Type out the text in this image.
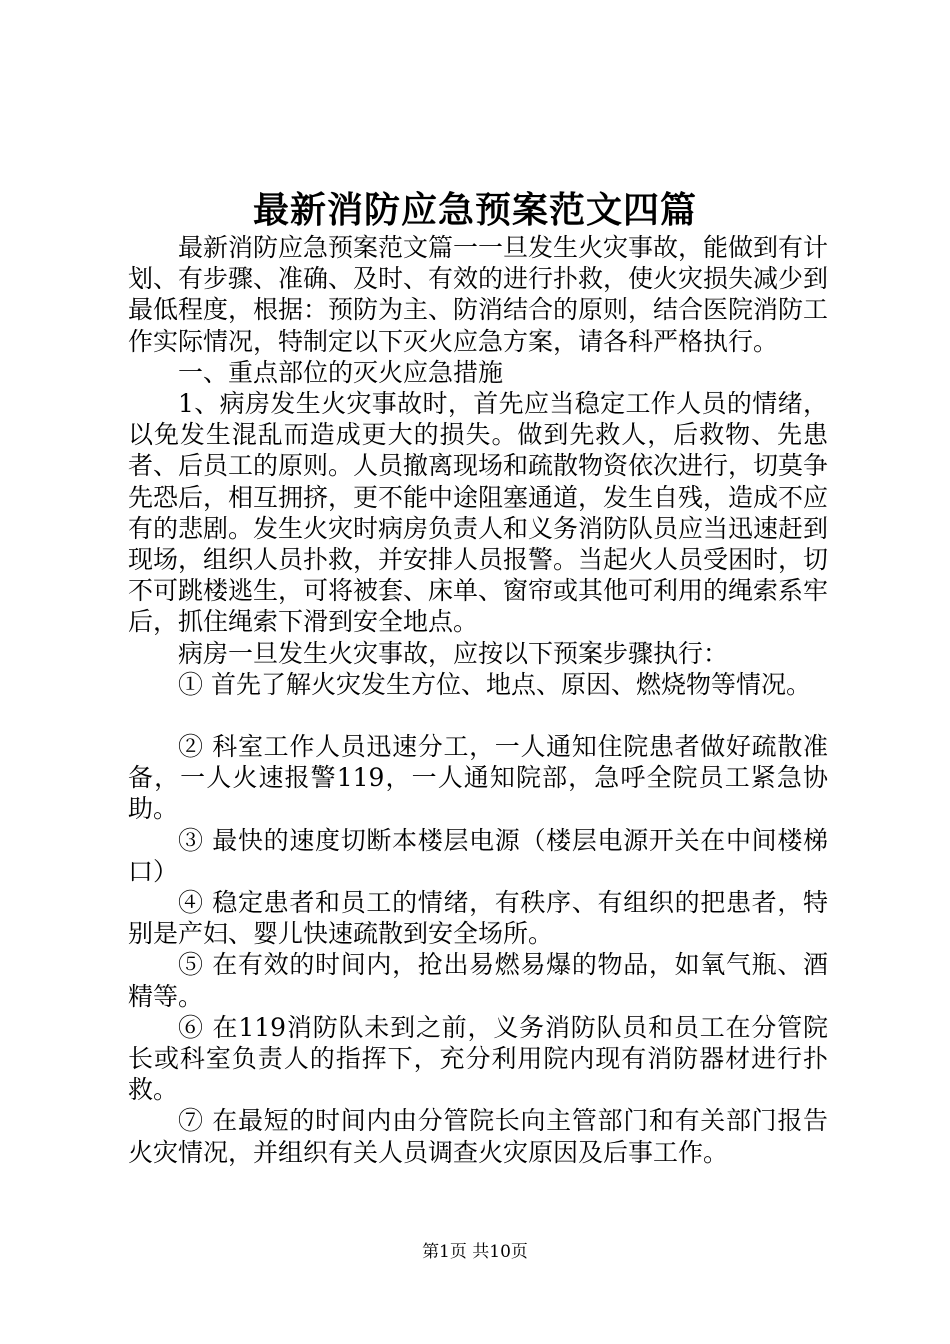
最新消防应急预案范文四篇

最新消防应急预案范文篇一一旦发生火灾事故，能做到有计划、有步骤、准确、及时、有效的进行扑救，使火灾损失减少到最低程度，根据：预防为主、防消结合的原则，结合医院消防工作实际情况，特制定以下灭火应急方案，请各科严格执行。

一、重点部位的灭火应急措施

1、病房发生火灾事故时，首先应当稳定工作人员的情绪，以免发生混乱而造成更大的损失。做到先救人，后救物、先患者、后员工的原则。人员撤离现场和疏散物资依次进行，切莫争先恐后，相互拥挤，更不能中途阻塞通道，发生自残，造成不应有的悲剧。发生火灾时病房负责人和义务消防队员应当迅速赶到现场，组织人员扑救，并安排人员报警。当起火人员受困时，切不可跳楼逃生，可将被套、床单、窗帘或其他可利用的绳索系牢后，抓住绳索下滑到安全地点。

病房一旦发生火灾事故，应按以下预案步骤执行：

① 首先了解火灾发生方位、地点、原因、燃烧物等情况。

② 科室工作人员迅速分工，一人通知住院患者做好疏散准备，一人火速报警119，一人通知院部，急呼全院员工紧急协助。

③ 最快的速度切断本楼层电源（楼层电源开关在中间楼梯口）

④ 稳定患者和员工的情绪，有秩序、有组织的把患者，特别是产妇、婴儿快速疏散到安全场所。

⑤ 在有效的时间内，抢出易燃易爆的物品，如氧气瓶、酒精等。

⑥ 在119消防队未到之前，义务消防队员和员工在分管院长或科室负责人的指挥下，充分利用院内现有消防器材进行扑救。

⑦ 在最短的时间内由分管院长向主管部门和有关部门报告火灾情况，并组织有关人员调查火灾原因及后事工作。

第1页 共10页
